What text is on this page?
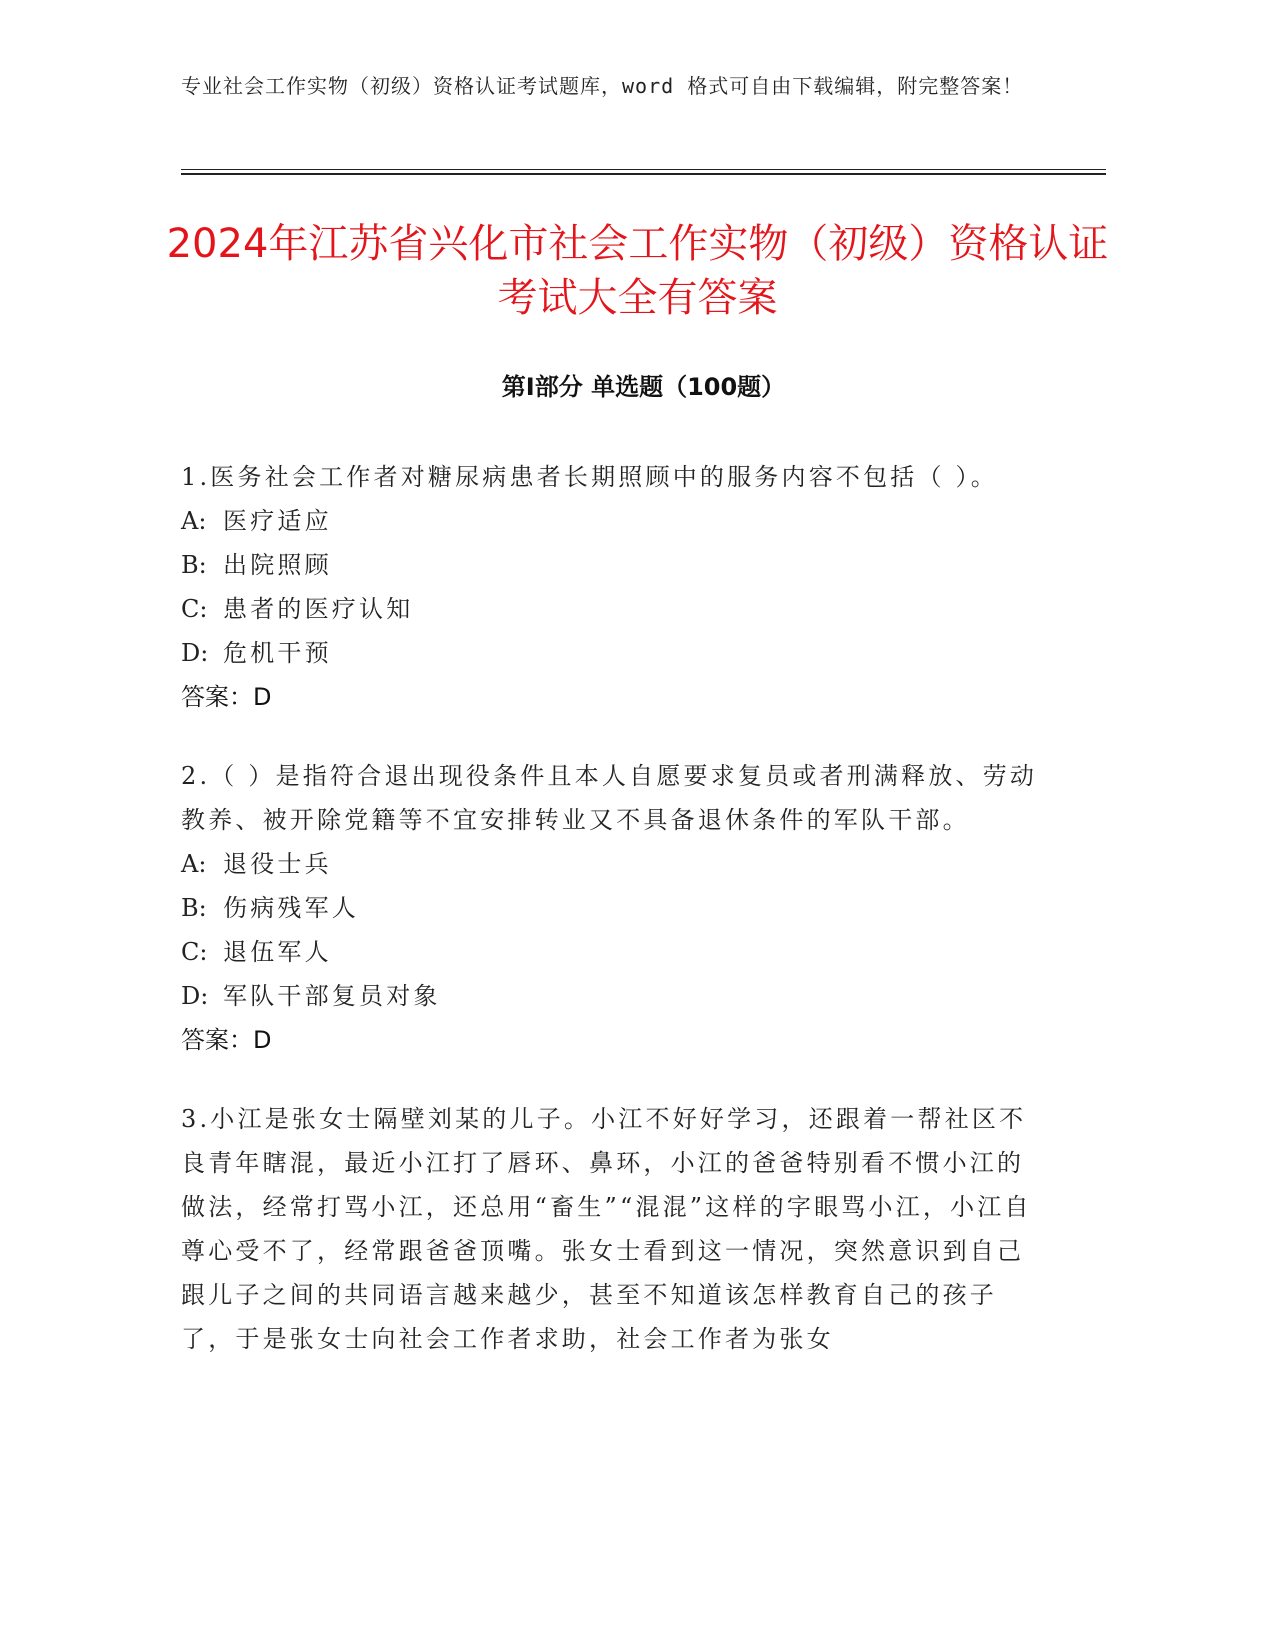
专业社会工作实物（初级）资格认证考试题库，word 格式可自由下载编辑，附完整答案！
2024年江苏省兴化市社会工作实物（初级）资格认证考试大全有答案
第Ⅰ部分 单选题（100题）

1.医务社会工作者对糖尿病患者长期照顾中的服务内容不包括（ ）。

A: 医疗适应

B: 出院照顾

C: 患者的医疗认知

D: 危机干预

答案：D

2.（ ）是指符合退出现役条件且本人自愿要求复员或者刑满释放、劳动教养、被开除党籍等不宜安排转业又不具备退休条件的军队干部。

A: 退役士兵

B: 伤病残军人

C: 退伍军人

D: 军队干部复员对象

答案：D

3.小江是张女士隔壁刘某的儿子。小江不好好学习，还跟着一帮社区不良青年瞎混，最近小江打了唇环、鼻环，小江的爸爸特别看不惯小江的做法，经常打骂小江，还总用“畜生”“混混”这样的字眼骂小江，小江自尊心受不了，经常跟爸爸顶嘴。张女士看到这一情况，突然意识到自己跟儿子之间的共同语言越来越少，甚至不知道该怎样教育自己的孩子了，于是张女士向社会工作者求助，社会工作者为张女
